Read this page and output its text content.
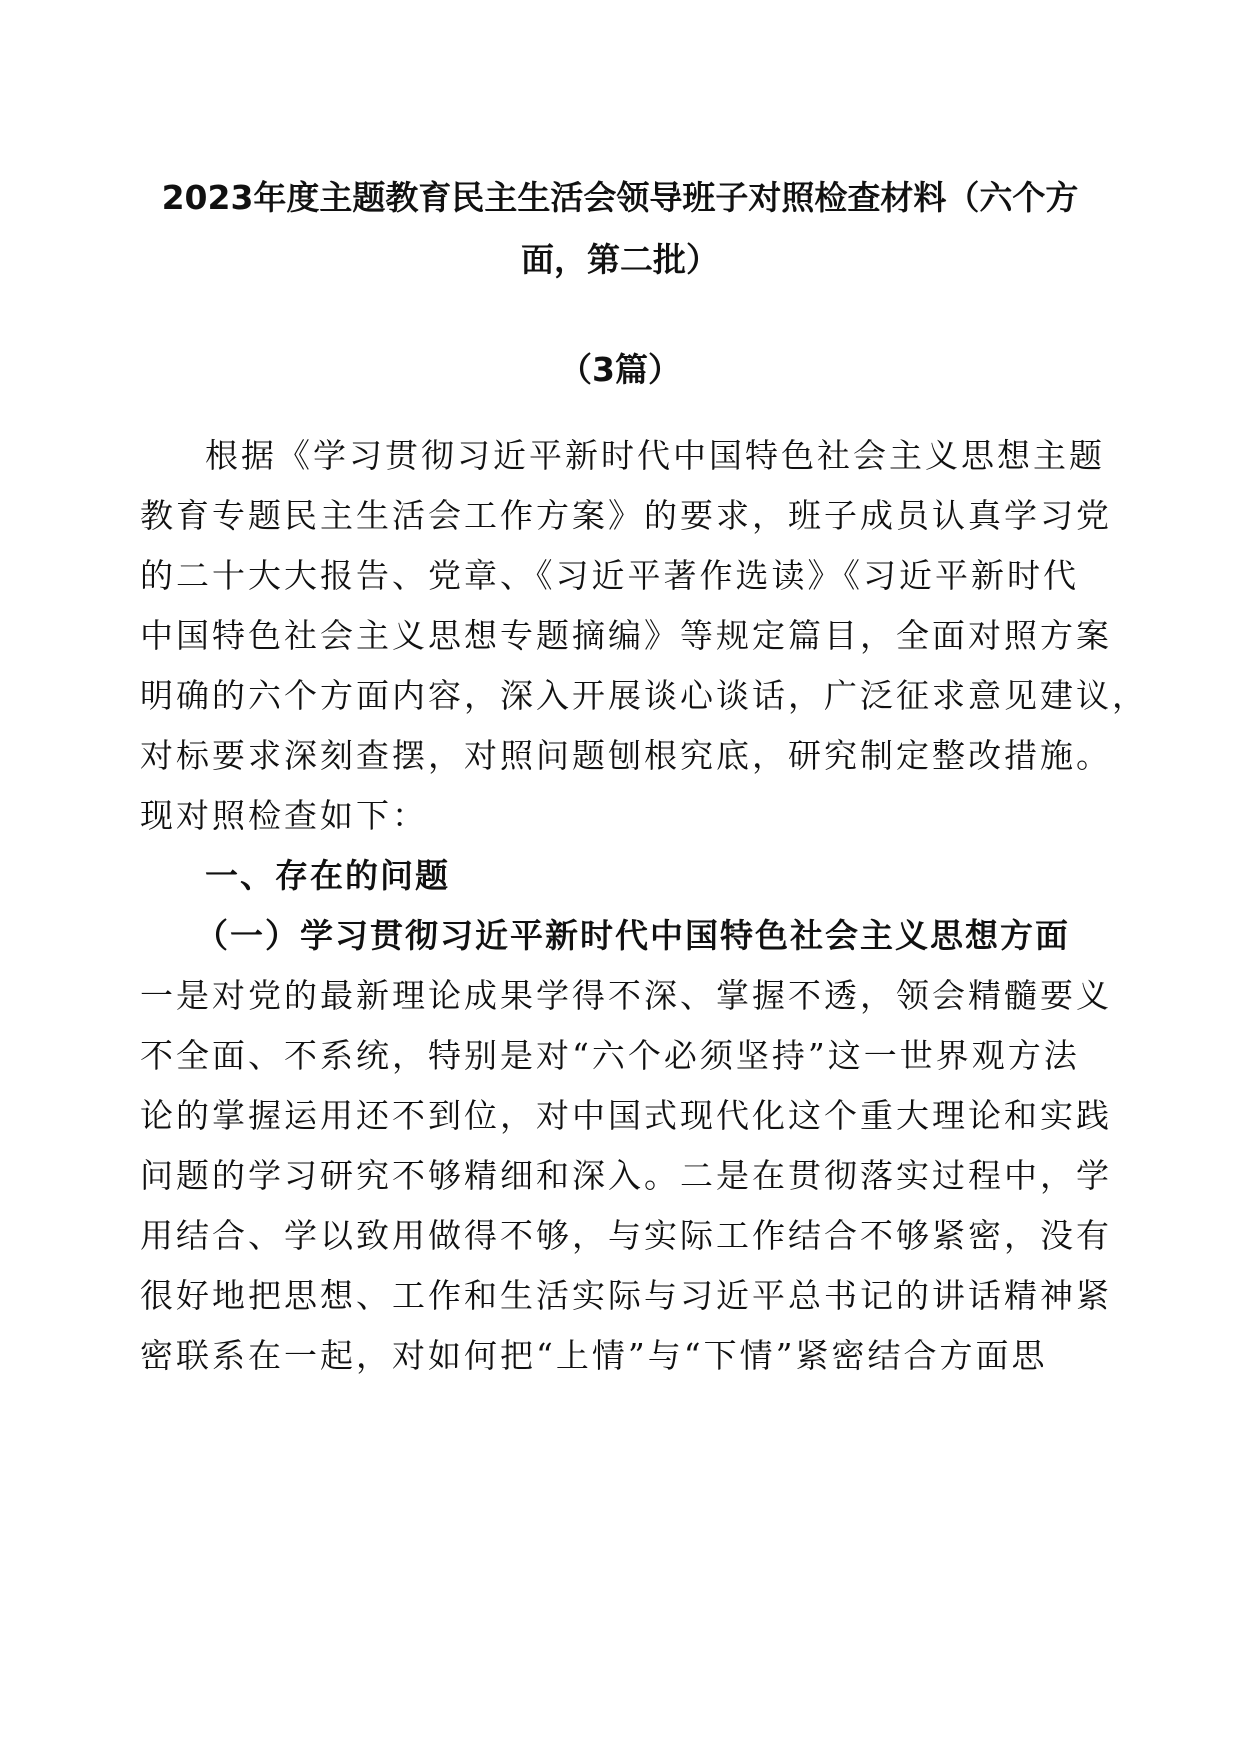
2023年度主题教育民主生活会领导班子对照检查材料（六个方
面，第二批）
（3篇）

根据《学习贯彻习近平新时代中国特色社会主义思想主题

教育专题民主生活会工作方案》的要求，班子成员认真学习党

的二十大大报告、党章、《习近平著作选读》《习近平新时代

中国特色社会主义思想专题摘编》等规定篇目，全面对照方案

明确的六个方面内容，深入开展谈心谈话，广泛征求意见建议，

对标要求深刻查摆，对照问题刨根究底，研究制定整改措施。

现对照检查如下：

一、存在的问题
（一）学习贯彻习近平新时代中国特色社会主义思想方面

一是对党的最新理论成果学得不深、掌握不透，领会精髓要义

不全面、不系统，特别是对“六个必须坚持”这一世界观方法

论的掌握运用还不到位，对中国式现代化这个重大理论和实践

问题的学习研究不够精细和深入。二是在贯彻落实过程中，学

用结合、学以致用做得不够，与实际工作结合不够紧密，没有

很好地把思想、工作和生活实际与习近平总书记的讲话精神紧

密联系在一起，对如何把“上情”与“下情”紧密结合方面思
